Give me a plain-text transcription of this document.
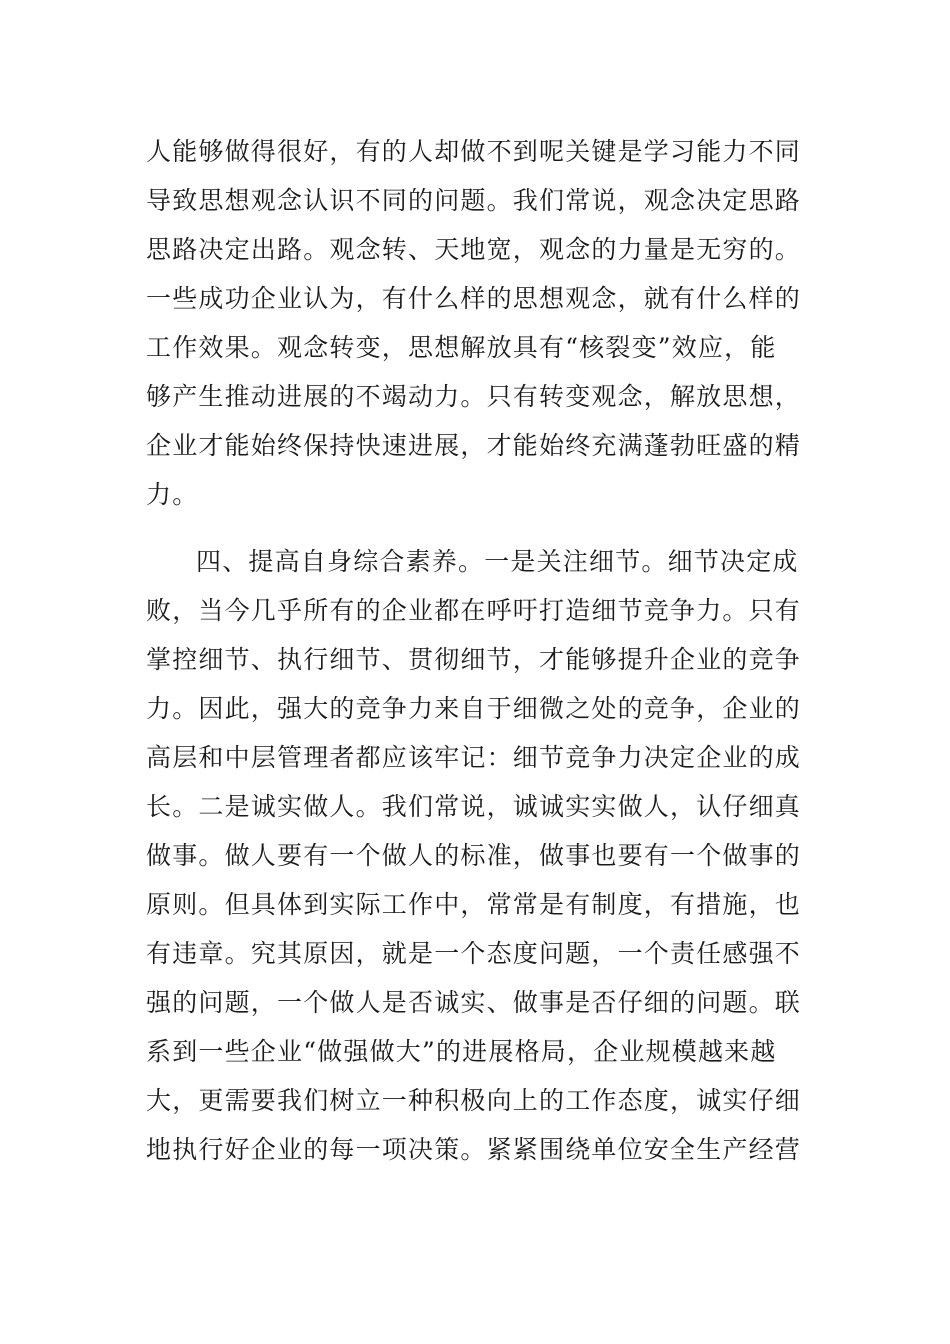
人能够做得很好，有的人却做不到呢关键是学习能力不同
导致思想观念认识不同的问题。我们常说，观念决定思路
思路决定出路。观念转、天地宽，观念的力量是无穷的。
一些成功企业认为，有什么样的思想观念，就有什么样的
工作效果。观念转变，思想解放具有“核裂变”效应，能
够产生推动进展的不竭动力。只有转变观念，解放思想，
企业才能始终保持快速进展，才能始终充满蓬勃旺盛的精
力。
四、提高自身综合素养。一是关注细节。细节决定成
败，当今几乎所有的企业都在呼吁打造细节竞争力。只有
掌控细节、执行细节、贯彻细节，才能够提升企业的竞争
力。因此，强大的竞争力来自于细微之处的竞争，企业的
高层和中层管理者都应该牢记：细节竞争力决定企业的成
长。二是诚实做人。我们常说，诚诚实实做人，认仔细真
做事。做人要有一个做人的标准，做事也要有一个做事的
原则。但具体到实际工作中，常常是有制度，有措施，也
有违章。究其原因，就是一个态度问题，一个责任感强不
强的问题，一个做人是否诚实、做事是否仔细的问题。联
系到一些企业“做强做大”的进展格局，企业规模越来越
大，更需要我们树立一种积极向上的工作态度，诚实仔细
地执行好企业的每一项决策。紧紧围绕单位安全生产经营
